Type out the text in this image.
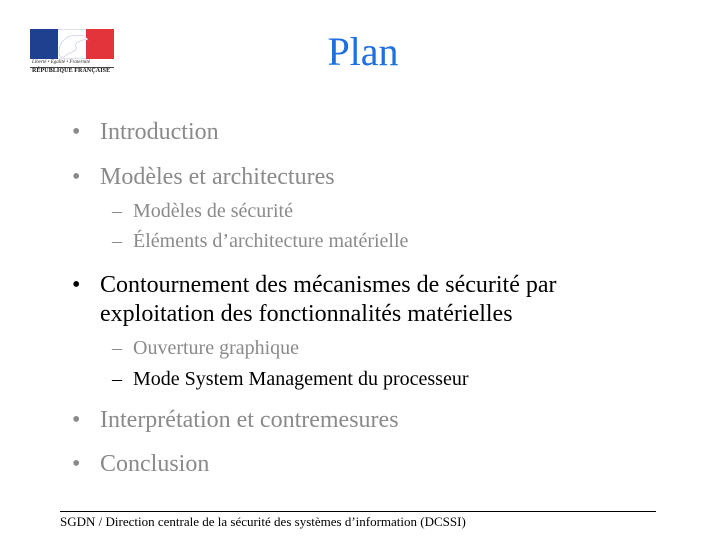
Liberté • Égalité • Fraternité
RÉPUBLIQUE FRANÇAISE	Plan
• Introduction
• Modèles et architectures
– Modèles de sécurité
– Éléments d’architecture matérielle
• Contournement des mécanismes de sécurité par
exploitation des fonctionnalités matérielles
– Ouverture graphique
– Mode System Management du processeur
• Interprétation et contremesures
• Conclusion
SGDN / Direction centrale de la sécurité des systèmes d’information (DCSSI)
